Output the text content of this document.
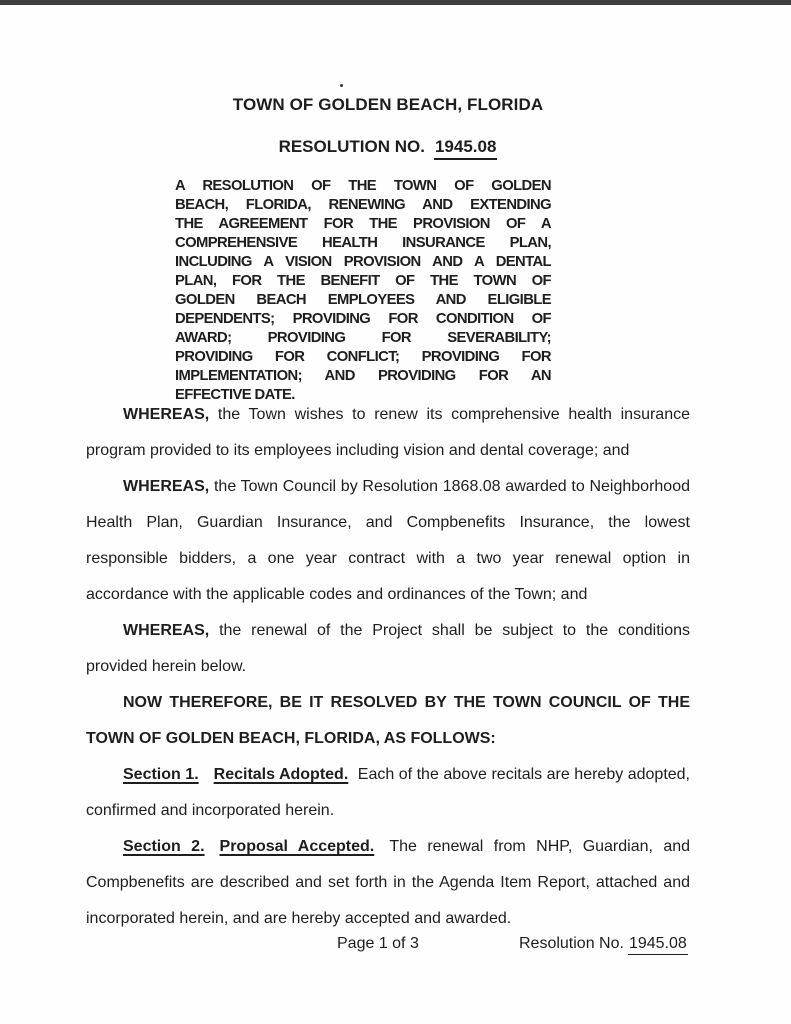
TOWN OF GOLDEN BEACH, FLORIDA
RESOLUTION NO. 1945.08
A RESOLUTION OF THE TOWN OF GOLDEN
BEACH, FLORIDA, RENEWING AND EXTENDING
THE AGREEMENT FOR THE PROVISION OF A
COMPREHENSIVE HEALTH INSURANCE PLAN,
INCLUDING A VISION PROVISION AND A DENTAL
PLAN, FOR THE BENEFIT OF THE TOWN OF
GOLDEN BEACH EMPLOYEES AND ELIGIBLE
DEPENDENTS; PROVIDING FOR CONDITION OF
AWARD; PROVIDING FOR SEVERABILITY;
PROVIDING FOR CONFLICT; PROVIDING FOR
IMPLEMENTATION; AND PROVIDING FOR AN
EFFECTIVE DATE.

WHEREAS, the Town wishes to renew its comprehensive health insurance program provided to its employees including vision and dental coverage; and

WHEREAS, the Town Council by Resolution 1868.08 awarded to Neighborhood Health Plan, Guardian Insurance, and Compbenefits Insurance, the lowest responsible bidders, a one year contract with a two year renewal option in accordance with the applicable codes and ordinances of the Town; and

WHEREAS, the renewal of the Project shall be subject to the conditions provided herein below.

NOW THEREFORE, BE IT RESOLVED BY THE TOWN COUNCIL OF THE TOWN OF GOLDEN BEACH, FLORIDA, AS FOLLOWS:

Section 1. Recitals Adopted. Each of the above recitals are hereby adopted, confirmed and incorporated herein.

Section 2. Proposal Accepted. The renewal from NHP, Guardian, and Compbenefits are described and set forth in the Agenda Item Report, attached and incorporated herein, and are hereby accepted and awarded.

Page 1 of 3	Resolution No. 1945.08
